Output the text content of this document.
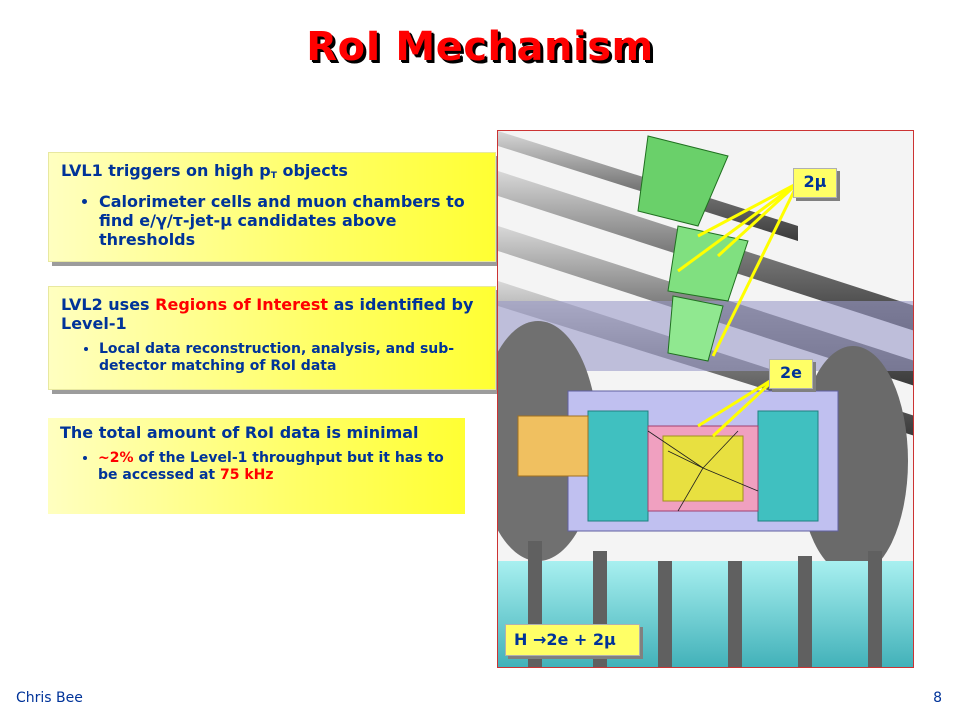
RoI Mechanism
LVL1 triggers on high $p_T$ objects
• Calorimeter cells and muon chambers to find e/γ/τ-jet-μ candidates above thresholds
LVL2 uses Regions of Interest as identified by Level-1
• Local data reconstruction, analysis, and sub-detector matching of RoI data
The total amount of RoI data is minimal
• ~2% of the Level-1 throughput but it has to be accessed at 75 kHz
2μ
2e
H →2e + 2μ
Chris Bee	8
